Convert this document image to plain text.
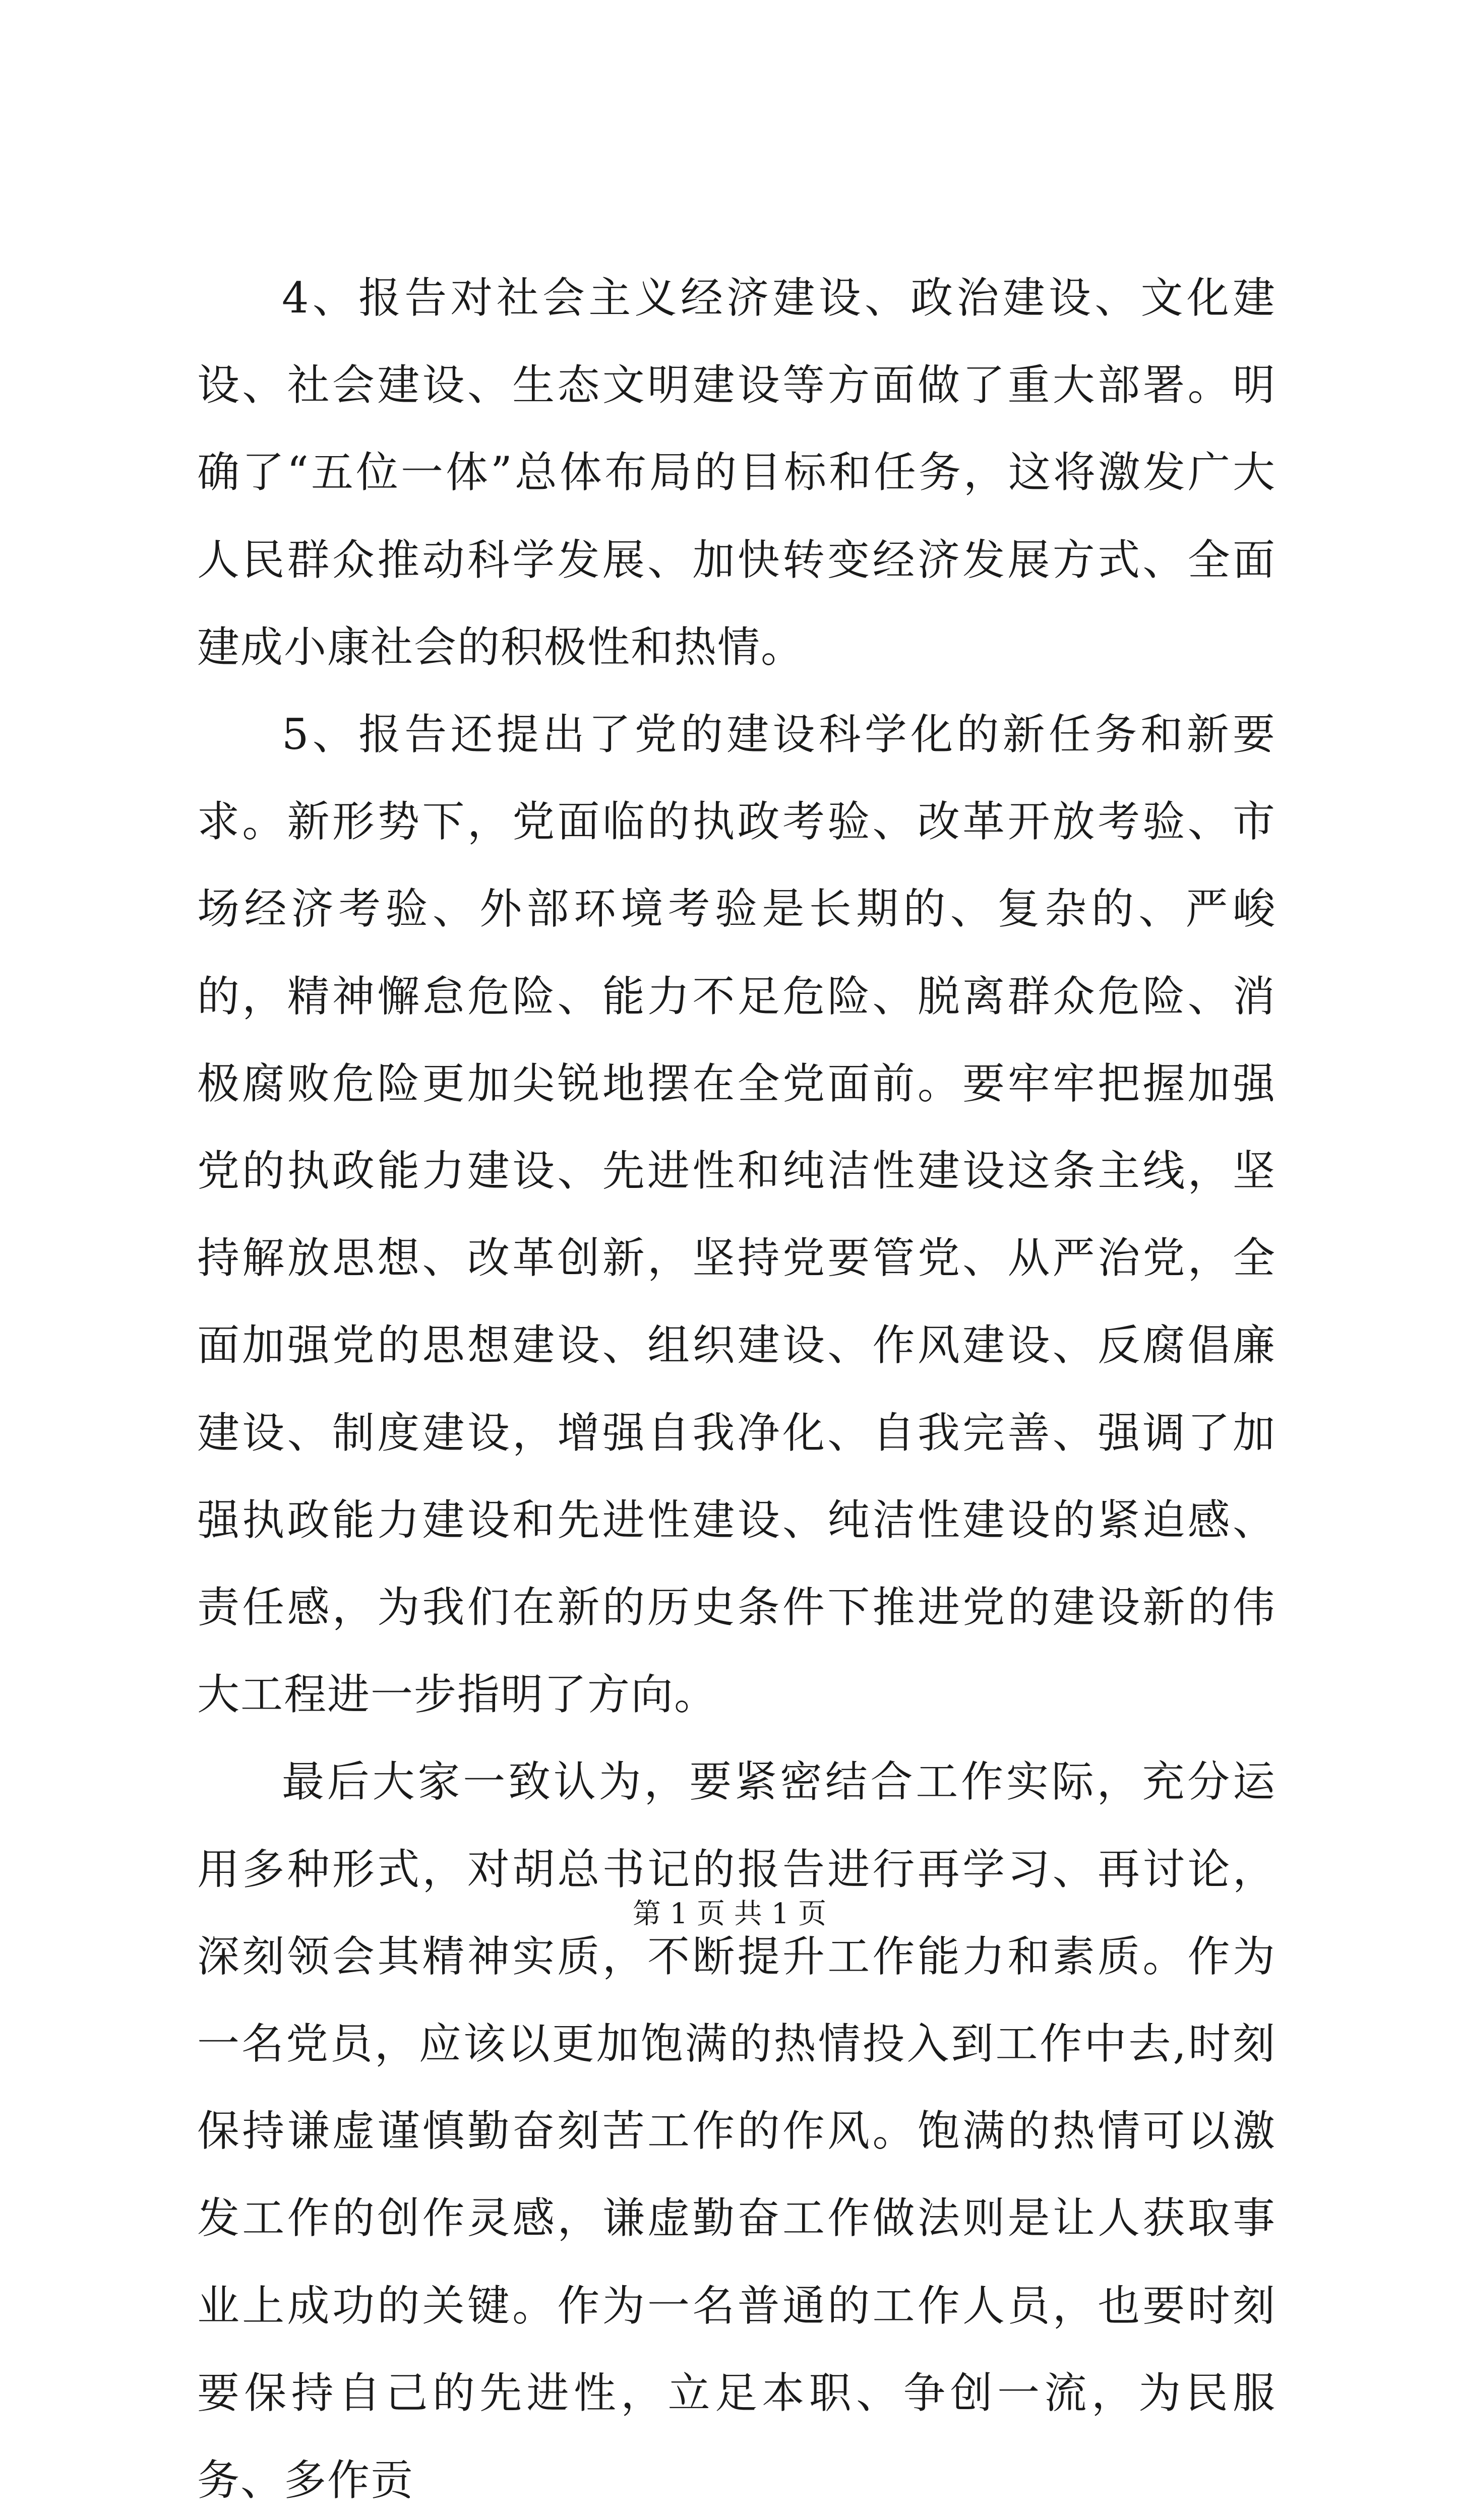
4、报告对社会主义经济建设、政治建设、文化建设、社会建设、生态文明建设等方面做了重大部署。明确了“五位一体”总体布局的目标和任务，这将激发广大人民群众推动科学发展、加快转变经济发展方式、全面建成小康社会的积极性和热情。

5、报告还提出了党的建设科学化的新任务和新要求。新形势下，党面临的执政考验、改革开放考验、市场经济考验、外部环境考验是长期的、复杂的、严峻的，精神懈怠危险、能力不足危险、脱离群众危险、消极腐败危险更加尖锐地摆在全党面前。要牢牢把握加强党的执政能力建设、先进性和纯洁性建设这条主线，坚持解放思想、改革创新，坚持党要管党、从严治党，全面加强党的思想建设、组织建设、作风建设、反腐倡廉建设、制度建设，增强自我净化、自我完善、强调了加强执政能力建设和先进性建设、纯洁性建设的紧迫感、责任感，为我们在新的历史条件下推进党的建设新的伟大工程进一步指明了方向。

最后大家一致认为，要紧密结合工作实际，充分运用多种形式，对胡总书记的报告进行再学习、再讨论，深刻领会其精神实质，不断提升工作能力和素质。作为一名党员，应该以更加饱满的热情投入到工作中去,时刻保持谦虚谨慎勤奋刻苦工作的作风。饱满的热情可以激发工作的创作灵感，谦虚勤奋工作做法则是让人获取事业上成功的关键。作为一名普通的工作人员，也要时刻要保持自己的先进性，立足本职、争创一流，为民服务、多作贡

第 1 页 共 1 页
